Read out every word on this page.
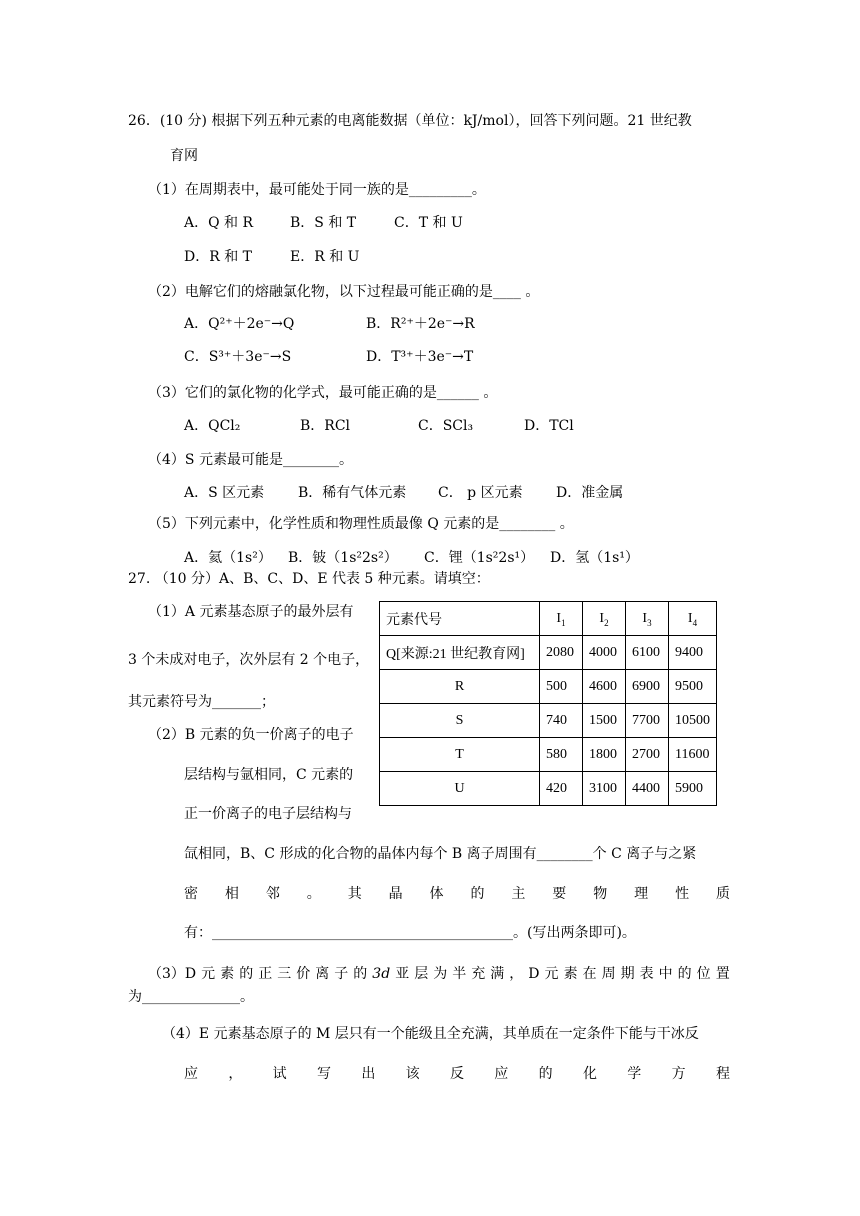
26．(10 分) 根据下列五种元素的电离能数据（单位：kJ/mol），回答下列问题。21 世纪教
育网
（1）在周期表中，最可能处于同一族的是_________。
A．Q 和 R	B．S 和 T	C．T 和 U
D．R 和 T	E．R 和 U
（2）电解它们的熔融氯化物，以下过程最可能正确的是____ 。
A．Q²⁺＋2e⁻→Q	B．R²⁺＋2e⁻→R
C．S³⁺＋3e⁻→S	D．T³⁺＋3e⁻→T
（3）它们的氯化物的化学式，最可能正确的是______ 。
A．QCl₂	B．RCl	C．SCl₃	D．TCl
（4）S 元素最可能是________。
A．S 区元素 B．稀有气体元素 C． p 区元素 D．准金属
（5）下列元素中，化学性质和物理性质最像 Q 元素的是________ 。
A．氦（1s²） B．铍（1s²2s²） C．锂（1s²2s¹） D．氢（1s¹）
27. （10 分）A、B、C、D、E 代表 5 种元素。请填空：
（1）A 元素基态原子的最外层有
3 个未成对电子，次外层有 2 个电子，
其元素符号为_______；
（2）B 元素的负一价离子的电子
层结构与氩相同，C 元素的
正一价离子的电子层结构与
氙相同，B、C 形成的化合物的晶体内每个 B 离子周围有________个 C 离子与之紧
密 相 邻 。 其 晶 体 的 主 要 物 理 性 质
有：___________________________________________。(写出两条即可)。
（3）D 元 素 的 正 三 价 离 子 的 3d 亚 层 为 半 充 满 ， D 元 素 在 周 期 表 中 的 位 置
为______________。
（4）E 元素基态原子的 M 层只有一个能级且全充满，其单质在一定条件下能与干冰反
应 ， 试 写 出 该 反 应 的 化 学 方 程
元素代号	$I_1$	$I_2$	$I_3$	$I_4$
Q[来源:21 世纪教育网]	2080	4000	6100	9400
R	500	4600	6900	9500
S	740	1500	7700	10500
T	580	1800	2700	11600
U	420	3100	4400	5900
